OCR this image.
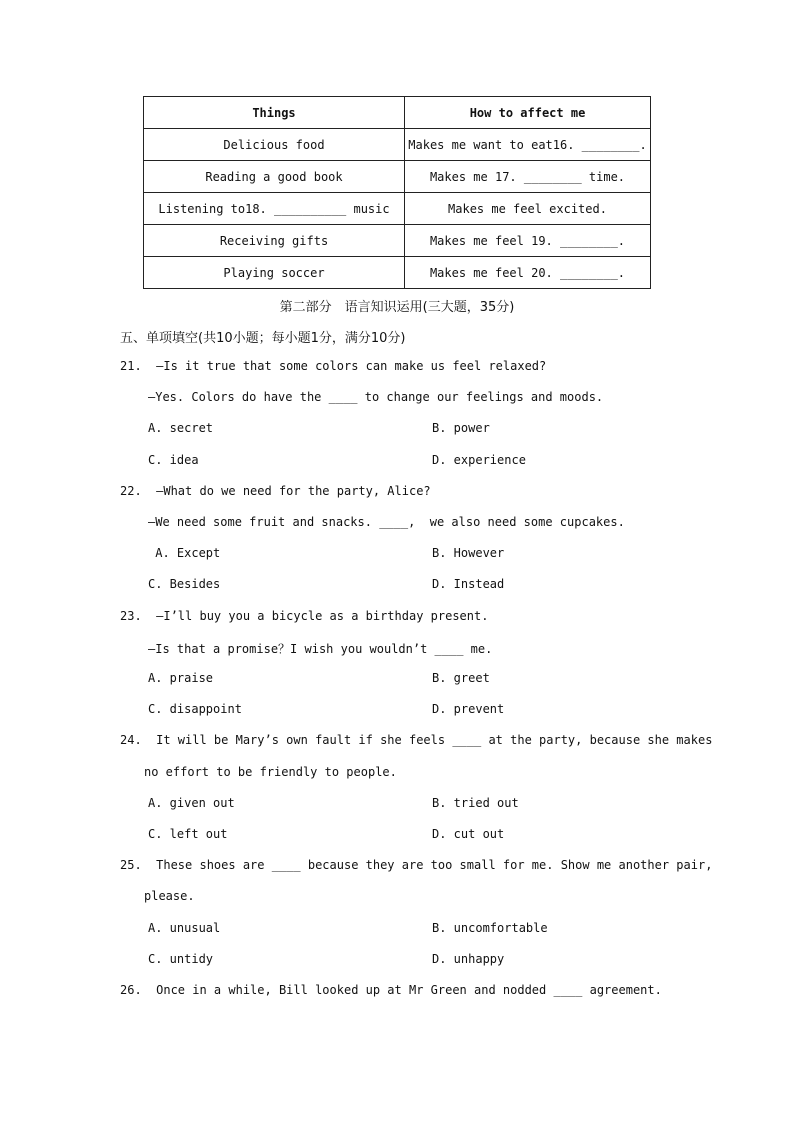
Things	How to affect me
Delicious food	Makes me want to eat16. ________.
Reading a good book	Makes me 17. ________ time.
Listening to18. __________ music	Makes me feel excited.
Receiving gifts	Makes me feel 19. ________.
Playing soccer	Makes me feel 20. ________.
第二部分　语言知识运用(三大题，35分)
五、单项填空(共10小题；每小题1分，满分10分)
21.  —Is it true that some colors can make us feel relaxed?
—Yes. Colors do have the ____ to change our feelings and moods.
A. secret	B. power
C. idea	D. experience
22.  —What do we need for the party, Alice?
—We need some fruit and snacks. ____,  we also need some cupcakes.
A. Except	B. However
C. Besides	D. Instead
23.  —I’ll buy you a bicycle as a birthday present.
—Is that a promise？I wish you wouldn’t ____ me.
A. praise	B. greet
C. disappoint	D. prevent
24.  It will be Mary’s own fault if she feels ____ at the party, because she makes
no effort to be friendly to people.
A. given out	B. tried out
C. left out	D. cut out
25.  These shoes are ____ because they are too small for me. Show me another pair,
please.
A. unusual	B. uncomfortable
C. untidy	D. unhappy
26.  Once in a while, Bill looked up at Mr Green and nodded ____ agreement.
